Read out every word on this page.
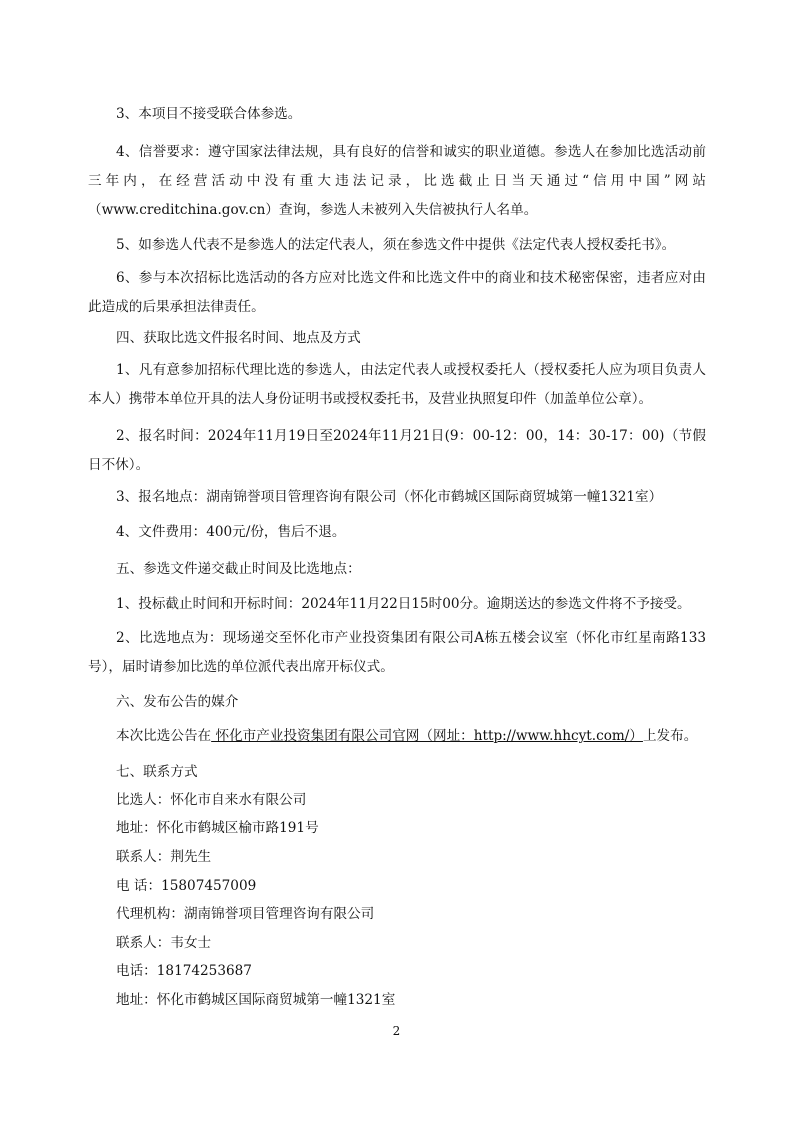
3、本项目不接受联合体参选。

4、信誉要求：遵守国家法律法规，具有良好的信誉和诚实的职业道德。参选人在参加比选活动前三年内，在经营活动中没有重大违法记录，比选截止日当天通过“信用中国”网站（www.creditchina.gov.cn）查询，参选人未被列入失信被执行人名单。

5、如参选人代表不是参选人的法定代表人，须在参选文件中提供《法定代表人授权委托书》。

6、参与本次招标比选活动的各方应对比选文件和比选文件中的商业和技术秘密保密，违者应对由此造成的后果承担法律责任。

四、获取比选文件报名时间、地点及方式

1、凡有意参加招标代理比选的参选人，由法定代表人或授权委托人（授权委托人应为项目负责人本人）携带本单位开具的法人身份证明书或授权委托书，及营业执照复印件（加盖单位公章）。

2、报名时间：2024年11月19日至2024年11月21日(9：00-12：00，14：30-17：00)（节假日不休）。

3、报名地点：湖南锦誉项目管理咨询有限公司（怀化市鹤城区国际商贸城第一幢1321室）

4、文件费用：400元/份，售后不退。

五、参选文件递交截止时间及比选地点：

1、投标截止时间和开标时间：2024年11月22日15时00分。逾期送达的参选文件将不予接受。

2、比选地点为：现场递交至怀化市产业投资集团有限公司A栋五楼会议室（怀化市红星南路133号），届时请参加比选的单位派代表出席开标仪式。

六、发布公告的媒介

本次比选公告在 怀化市产业投资集团有限公司官网（网址：http://www.hhcyt.com/）上发布。

七、联系方式

比选人：怀化市自来水有限公司

地址：怀化市鹤城区榆市路191号

联系人：荆先生

电 话：15807457009

代理机构：湖南锦誉项目管理咨询有限公司

联系人：韦女士

电话：18174253687

地址：怀化市鹤城区国际商贸城第一幢1321室

2
